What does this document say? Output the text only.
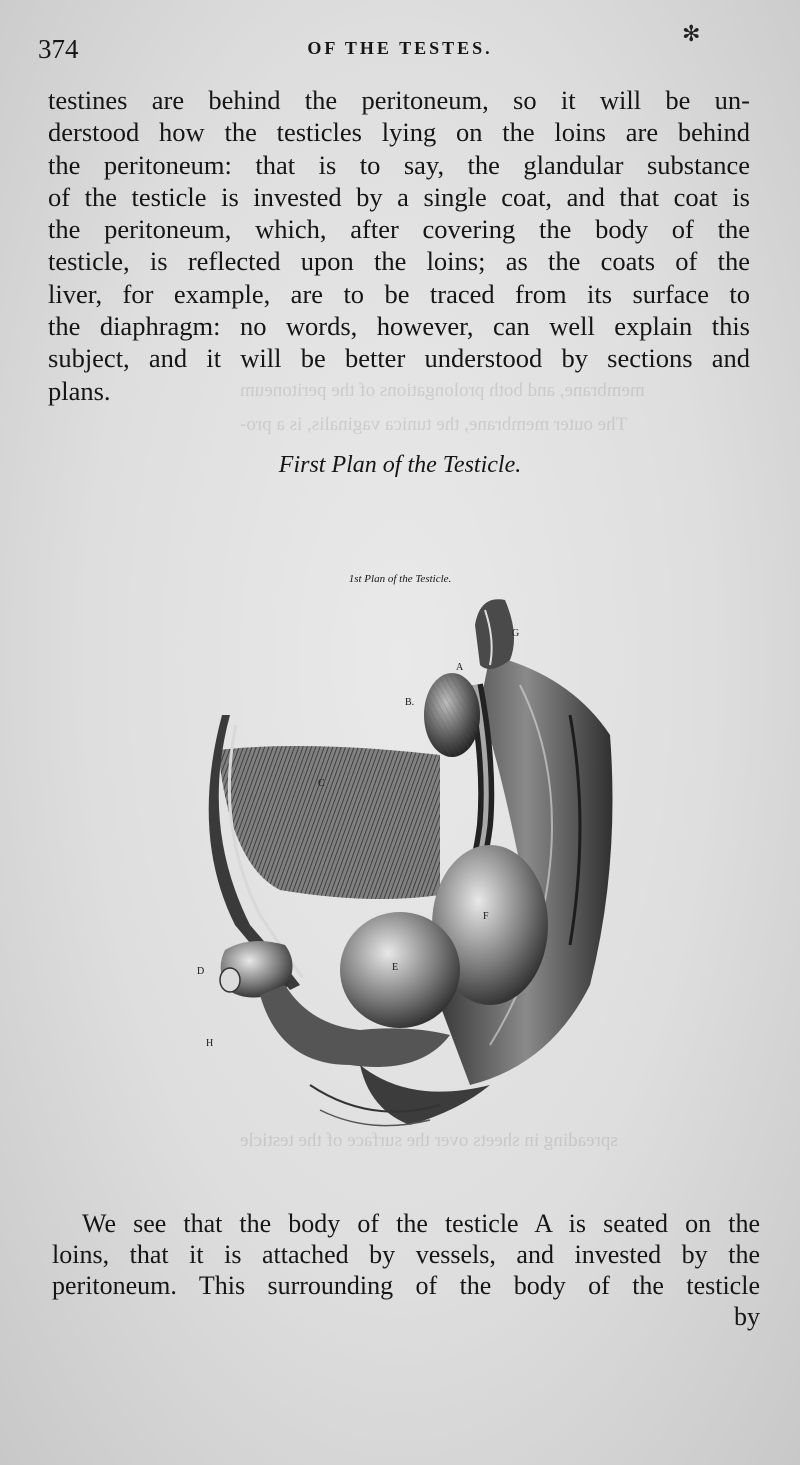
membrane, and both prolongations of the peritoneum
The outer membrane, the tunica vaginalis, is a pro-
spreading in sheets over the surface of the testicle
374	OF THE TESTES.
✻
testines are behind the peritoneum, so it will be un-
derstood how the testicles lying on the loins are behind
the peritoneum: that is to say, the glandular substance
of the testicle is invested by a single coat, and that coat is
the peritoneum, which, after covering the body of the
testicle, is reflected upon the loins; as the coats of the
liver, for example, are to be traced from its surface to
the diaphragm: no words, however, can well explain this
subject, and it will be better understood by sections and
plans.
First Plan of the Testicle.
1st Plan of the Testicle.
A
B.
C
D	E
F
G
H
We see that the body of the testicle A is seated on the
loins, that it is attached by vessels, and invested by the
peritoneum. This surrounding of the body of the testicle
by
